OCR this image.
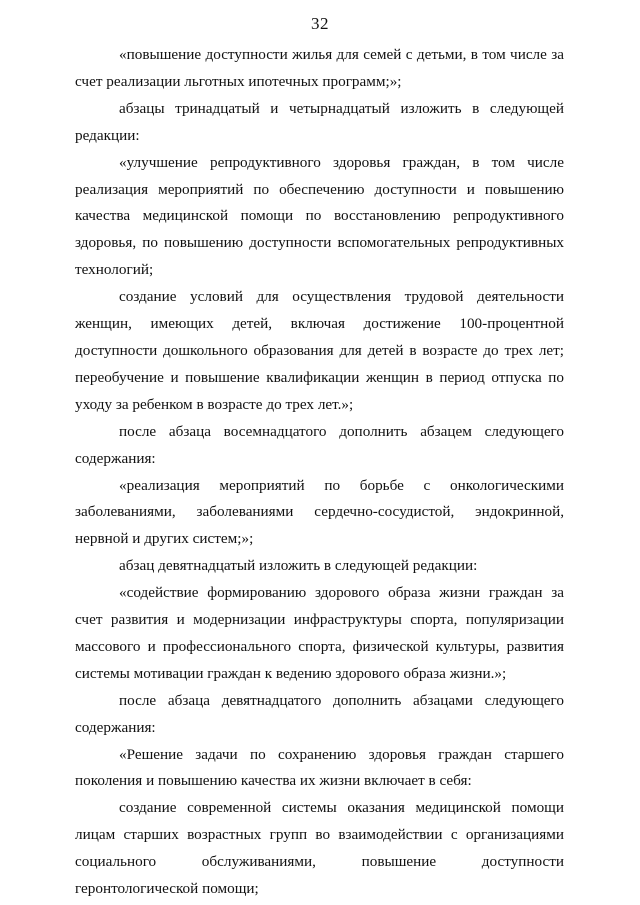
32

«повышение доступности жилья для семей с детьми, в том числе за счет реализации льготных ипотечных программ;»;

абзацы тринадцатый и четырнадцатый изложить в следующей редакции:

«улучшение репродуктивного здоровья граждан, в том числе реализация мероприятий по обеспечению доступности и повышению качества медицинской помощи по восстановлению репродуктивного здоровья, по повышению доступности вспомогательных репродуктивных технологий;

создание условий для осуществления трудовой деятельности женщин, имеющих детей, включая достижение 100-процентной доступности дошкольного образования для детей в возрасте до трех лет; переобучение и повышение квалификации женщин в период отпуска по уходу за ребенком в возрасте до трех лет.»;

после абзаца восемнадцатого дополнить абзацем следующего содержания:

«реализация мероприятий по борьбе с онкологическими заболеваниями, заболеваниями сердечно-сосудистой, эндокринной, нервной и других систем;»;

абзац девятнадцатый изложить в следующей редакции:

«содействие формированию здорового образа жизни граждан за счет развития и модернизации инфраструктуры спорта, популяризации массового и профессионального спорта, физической культуры, развития системы мотивации граждан к ведению здорового образа жизни.»;

после абзаца девятнадцатого дополнить абзацами следующего содержания:

«Решение задачи по сохранению здоровья граждан старшего поколения и повышению качества их жизни включает в себя:

создание современной системы оказания медицинской помощи лицам старших возрастных групп во взаимодействии с организациями социального обслуживаниями, повышение доступности геронтологической помощи;
